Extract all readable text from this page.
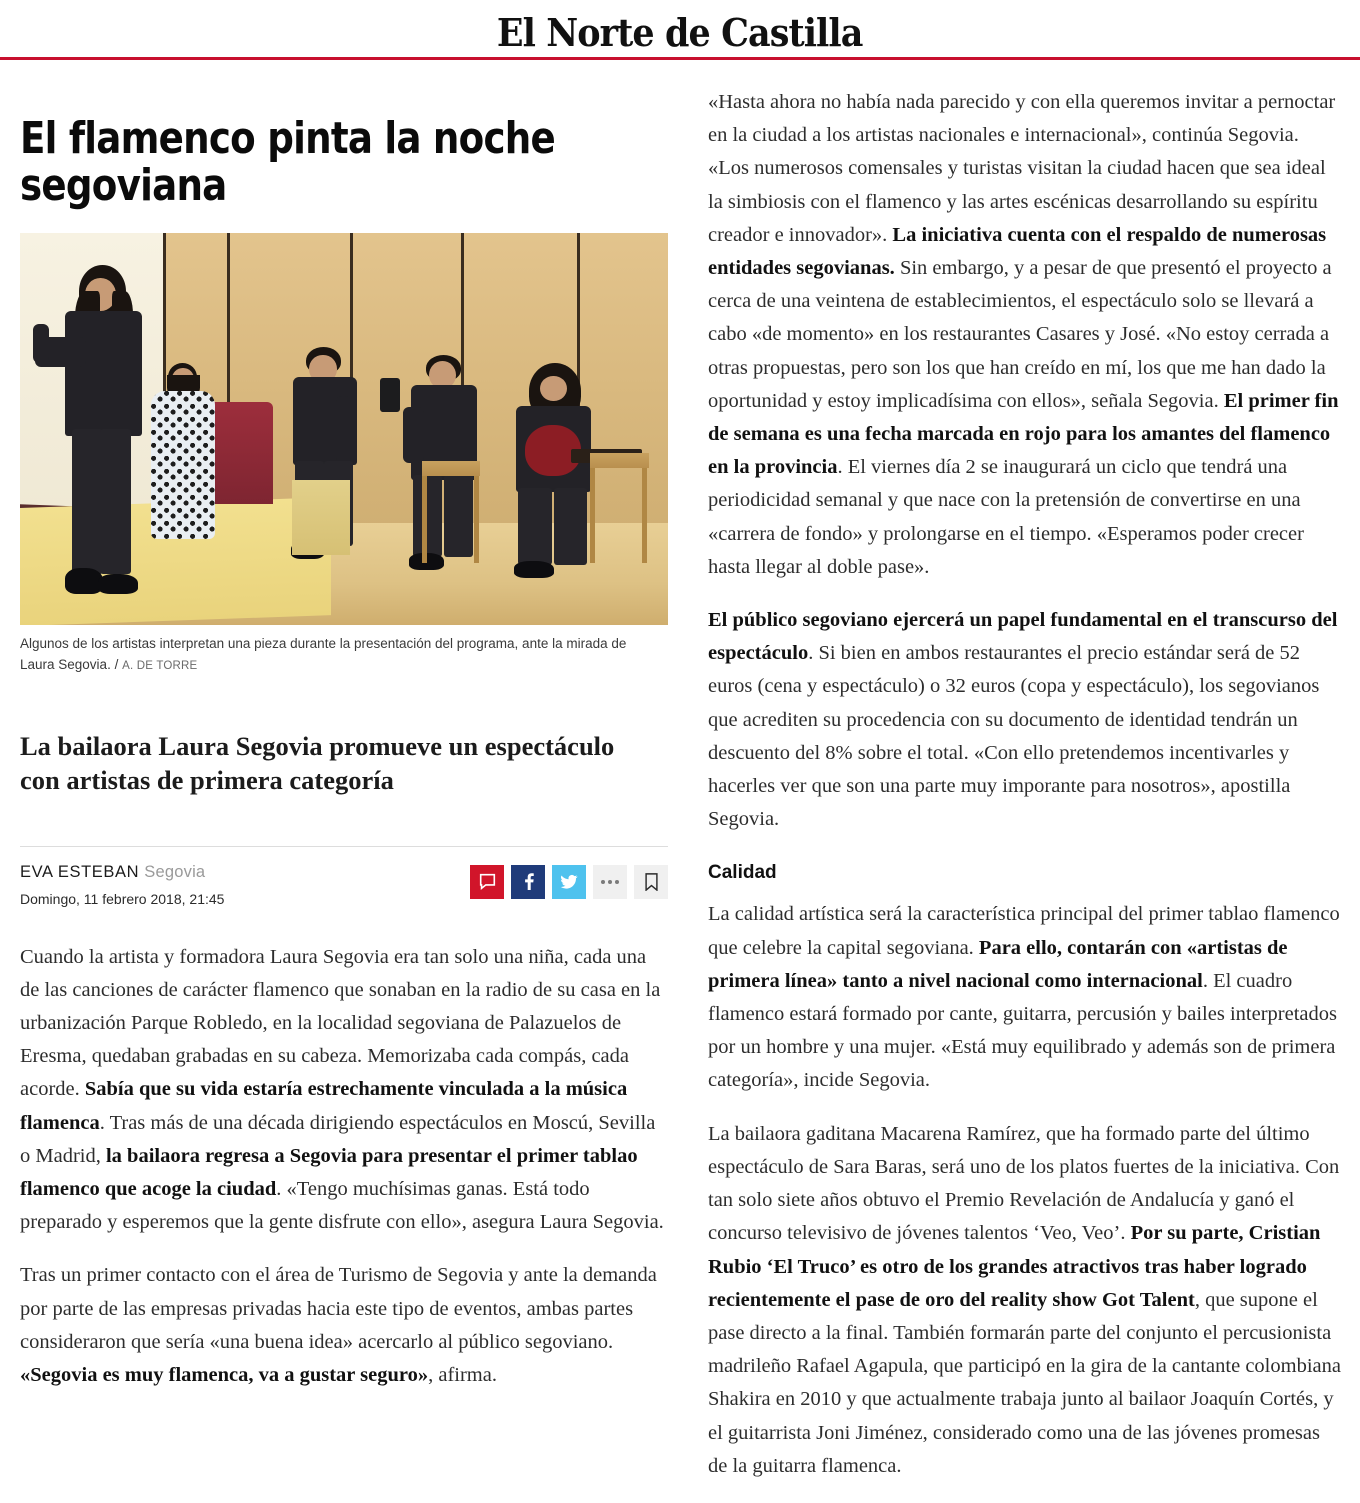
El Norte de Castilla
El flamenco pinta la noche segoviana
Algunos de los artistas interpretan una pieza durante la presentación del programa, ante la mirada de Laura Segovia. / A. DE TORRE
La bailaora Laura Segovia promueve un espectáculo con artistas de primera categoría
EVA ESTEBAN Segovia
Domingo, 11 febrero 2018, 21:45

Cuando la artista y formadora Laura Segovia era tan solo una niña, cada una de las canciones de carácter flamenco que sonaban en la radio de su casa en la urbanización Parque Robledo, en la localidad segoviana de Palazuelos de Eresma, quedaban grabadas en su cabeza. Memorizaba cada compás, cada acorde. Sabía que su vida estaría estrechamente vinculada a la música flamenca. Tras más de una década dirigiendo espectáculos en Moscú, Sevilla o Madrid, la bailaora regresa a Segovia para presentar el primer tablao flamenco que acoge la ciudad. «Tengo muchísimas ganas. Está todo preparado y esperemos que la gente disfrute con ello», asegura Laura Segovia.

Tras un primer contacto con el área de Turismo de Segovia y ante la demanda por parte de las empresas privadas hacia este tipo de eventos, ambas partes consideraron que sería «una buena idea» acercarlo al público segoviano. «Segovia es muy flamenca, va a gustar seguro», afirma.

«Hasta ahora no había nada parecido y con ella queremos invitar a pernoctar en la ciudad a los artistas nacionales e internacional», continúa Segovia. «Los numerosos comensales y turistas visitan la ciudad hacen que sea ideal la simbiosis con el flamenco y las artes escénicas desarrollando su espíritu creador e innovador». La iniciativa cuenta con el respaldo de numerosas entidades segovianas. Sin embargo, y a pesar de que presentó el proyecto a cerca de una veintena de establecimientos, el espectáculo solo se llevará a cabo «de momento» en los restaurantes Casares y José. «No estoy cerrada a otras propuestas, pero son los que han creído en mí, los que me han dado la oportunidad y estoy implicadísima con ellos», señala Segovia. El primer fin de semana es una fecha marcada en rojo para los amantes del flamenco en la provincia. El viernes día 2 se inaugurará un ciclo que tendrá una periodicidad semanal y que nace con la pretensión de convertirse en una «carrera de fondo» y prolongarse en el tiempo. «Esperamos poder crecer hasta llegar al doble pase».

El público segoviano ejercerá un papel fundamental en el transcurso del espectáculo. Si bien en ambos restaurantes el precio estándar será de 52 euros (cena y espectáculo) o 32 euros (copa y espectáculo), los segovianos que acrediten su procedencia con su documento de identidad tendrán un descuento del 8% sobre el total. «Con ello pretendemos incentivarles y hacerles ver que son una parte muy imporante para nosotros», apostilla Segovia.

Calidad

La calidad artística será la característica principal del primer tablao flamenco que celebre la capital segoviana. Para ello, contarán con «artistas de primera línea» tanto a nivel nacional como internacional. El cuadro flamenco estará formado por cante, guitarra, percusión y bailes interpretados por un hombre y una mujer. «Está muy equilibrado y además son de primera categoría», incide Segovia.

La bailaora gaditana Macarena Ramírez, que ha formado parte del último espectáculo de Sara Baras, será uno de los platos fuertes de la iniciativa. Con tan solo siete años obtuvo el Premio Revelación de Andalucía y ganó el concurso televisivo de jóvenes talentos ‘Veo, Veo’. Por su parte, Cristian Rubio ‘El Truco’ es otro de los grandes atractivos tras haber logrado recientemente el pase de oro del reality show Got Talent, que supone el pase directo a la final. También formarán parte del conjunto el percusionista madrileño Rafael Agapula, que participó en la gira de la cantante colombiana Shakira en 2010 y que actualmente trabaja junto al bailaor Joaquín Cortés, y el guitarrista Joni Jiménez, considerado como una de las jóvenes promesas de la guitarra flamenca.
